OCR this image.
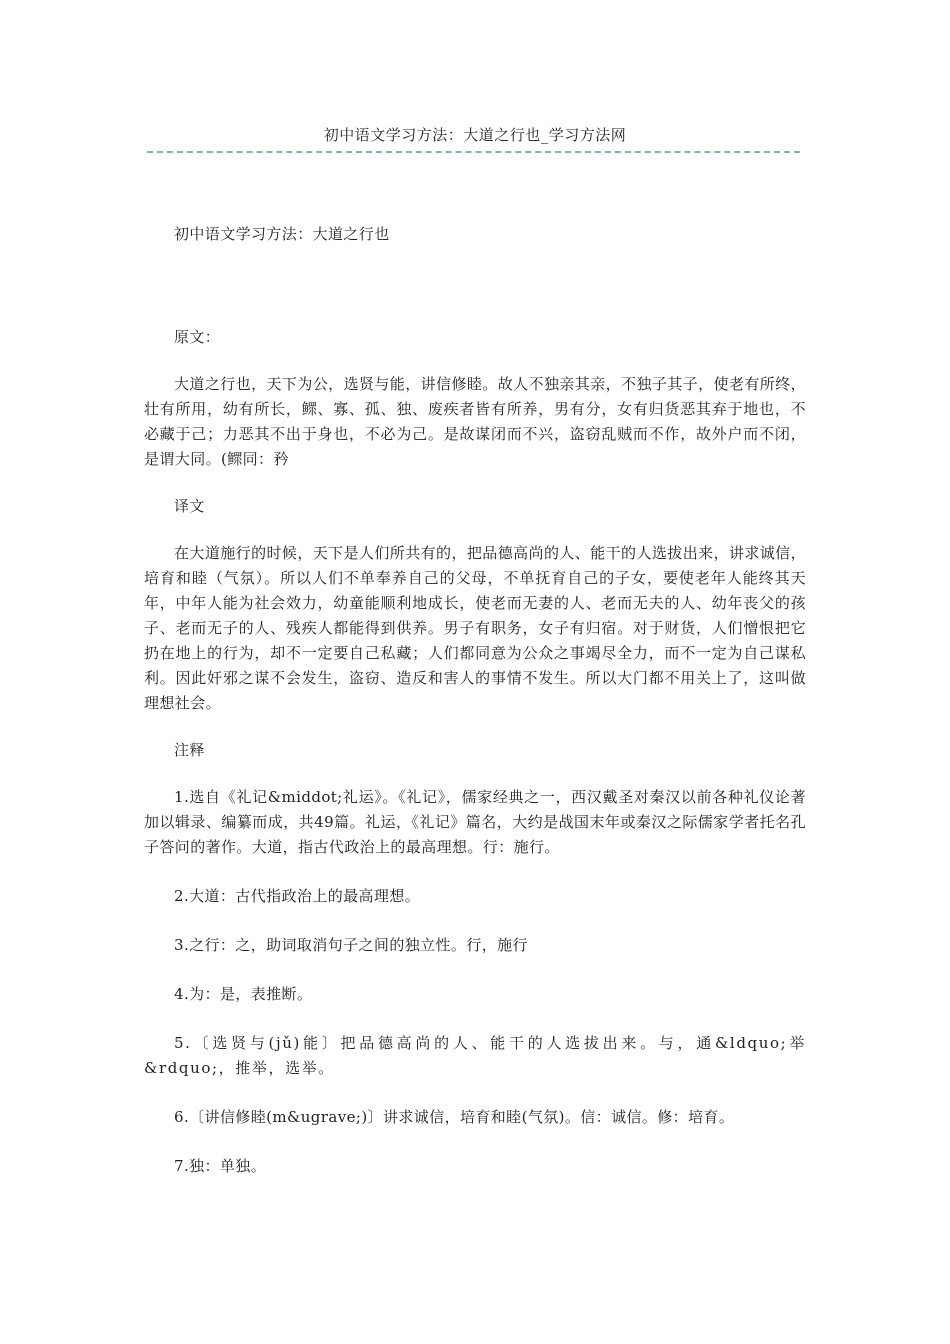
初中语文学习方法：大道之行也_学习方法网

初中语文学习方法：大道之行也

原文：

大道之行也，天下为公，选贤与能，讲信修睦。故人不独亲其亲，不独子其子，使老有所终，壮有所用，幼有所长，鳏、寡、孤、独、废疾者皆有所养，男有分，女有归货恶其弃于地也，不必藏于己；力恶其不出于身也，不必为己。是故谋闭而不兴，盗窃乱贼而不作，故外户而不闭，是谓大同。(鳏同：矜

译文

在大道施行的时候，天下是人们所共有的，把品德高尚的人、能干的人选拔出来，讲求诚信，培育和睦（气氛）。所以人们不单奉养自己的父母，不单抚育自己的子女，要使老年人能终其天年，中年人能为社会效力，幼童能顺利地成长，使老而无妻的人、老而无夫的人、幼年丧父的孩子、老而无子的人、残疾人都能得到供养。男子有职务，女子有归宿。对于财货，人们憎恨把它扔在地上的行为，却不一定要自己私藏；人们都同意为公众之事竭尽全力，而不一定为自己谋私利。因此奸邪之谋不会发生，盗窃、造反和害人的事情不发生。所以大门都不用关上了，这叫做理想社会。

注释

1.选自《礼记&middot;礼运》。《礼记》，儒家经典之一，西汉戴圣对秦汉以前各种礼仪论著加以辑录、编纂而成，共49篇。礼运，《礼记》篇名，大约是战国末年或秦汉之际儒家学者托名孔子答问的著作。大道，指古代政治上的最高理想。行：施行。

2.大道：古代指政治上的最高理想。

3.之行：之，助词取消句子之间的独立性。行，施行

4.为：是，表推断。

5.〔选贤与(jǔ)能〕把品德高尚的人、能干的人选拔出来。与，通&ldquo;举&rdquo;，推举，选举。

6.〔讲信修睦(m&ugrave;)〕讲求诚信，培育和睦(气氛)。信：诚信。修：培育。

7.独：单独。
